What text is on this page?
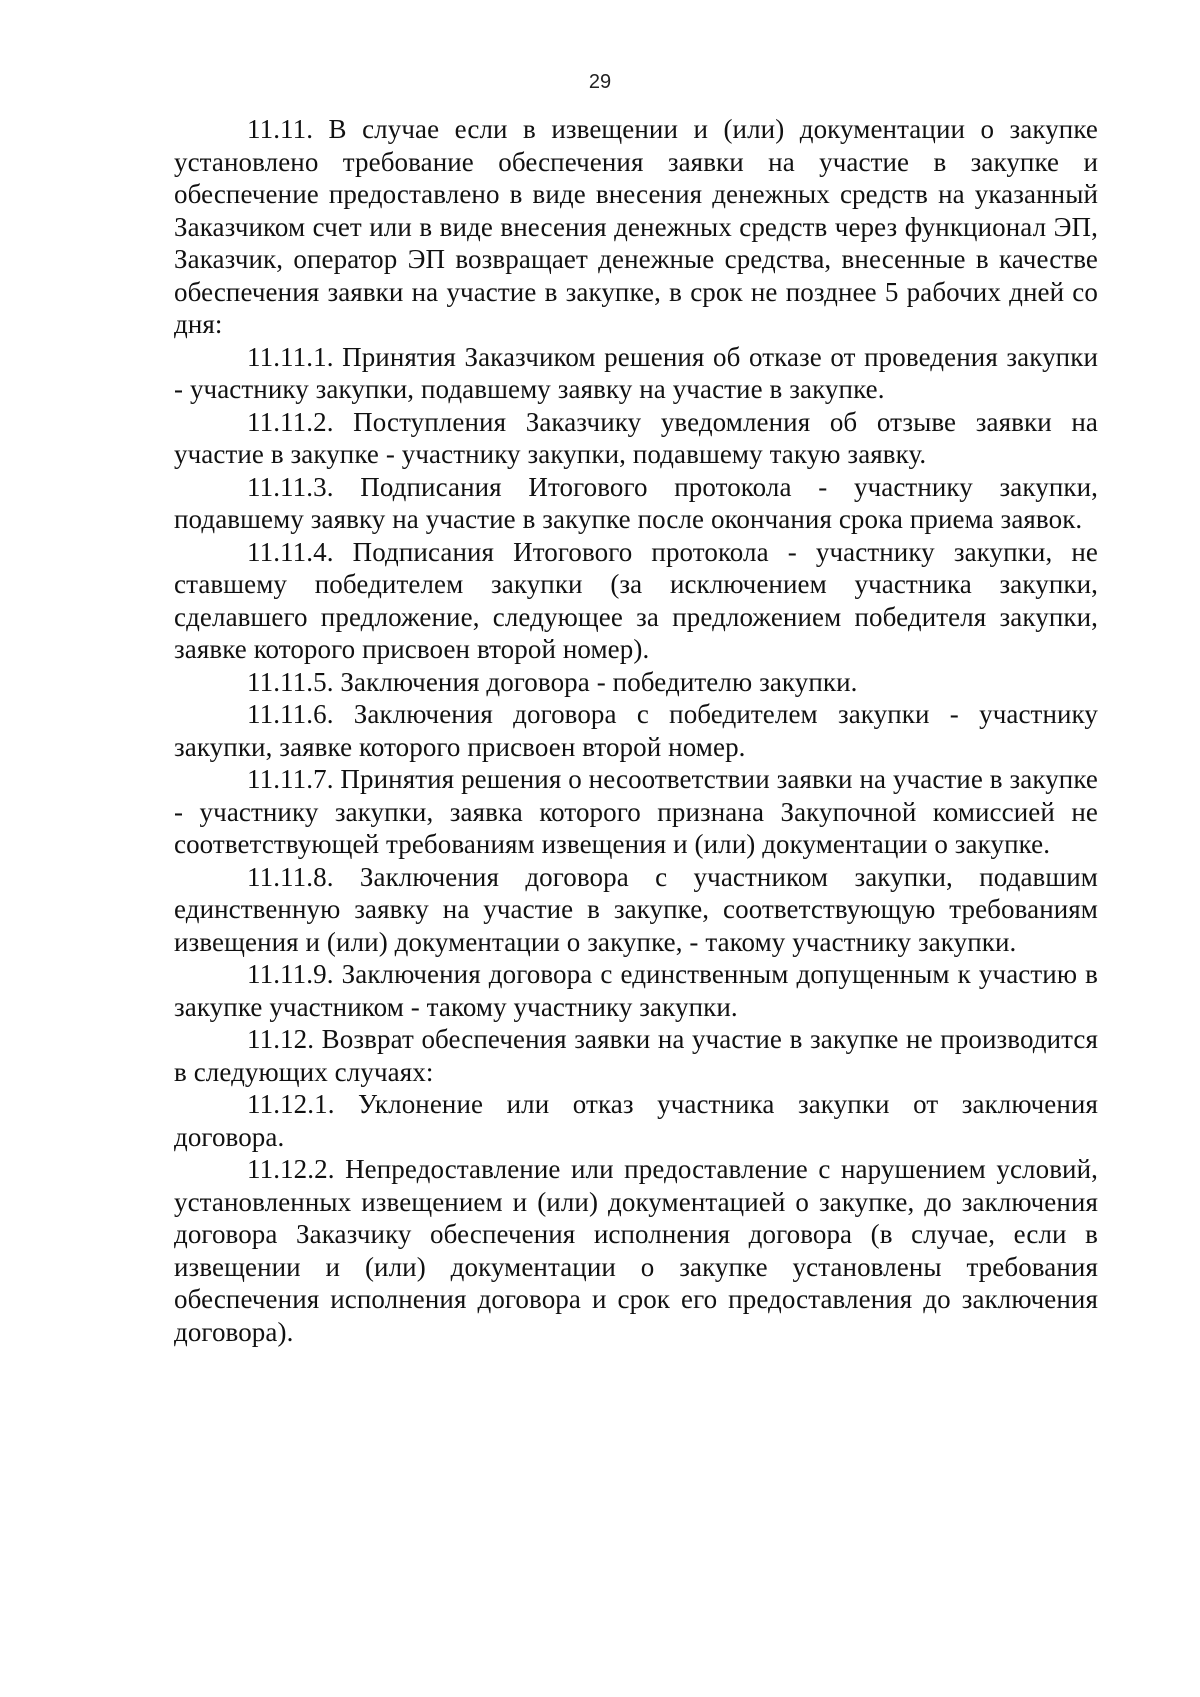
29

11.11. В случае если в извещении и (или) документации о закупке установлено требование обеспечения заявки на участие в закупке и обеспечение предоставлено в виде внесения денежных средств на указанный Заказчиком счет или в виде внесения денежных средств через функционал ЭП, Заказчик, оператор ЭП возвращает денежные средства, внесенные в качестве обеспечения заявки на участие в закупке, в срок не позднее 5 рабочих дней со дня:

11.11.1. Принятия Заказчиком решения об отказе от проведения закупки - участнику закупки, подавшему заявку на участие в закупке.

11.11.2. Поступления Заказчику уведомления об отзыве заявки на участие в закупке - участнику закупки, подавшему такую заявку.

11.11.3. Подписания Итогового протокола - участнику закупки, подавшему заявку на участие в закупке после окончания срока приема заявок.

11.11.4. Подписания Итогового протокола - участнику закупки, не ставшему победителем закупки (за исключением участника закупки, сделавшего предложение, следующее за предложением победителя закупки, заявке которого присвоен второй номер).

11.11.5. Заключения договора - победителю закупки.

11.11.6. Заключения договора с победителем закупки - участнику закупки, заявке которого присвоен второй номер.

11.11.7. Принятия решения о несоответствии заявки на участие в закупке - участнику закупки, заявка которого признана Закупочной комиссией не соответствующей требованиям извещения и (или) документации о закупке.

11.11.8. Заключения договора с участником закупки, подавшим единственную заявку на участие в закупке, соответствующую требованиям извещения и (или) документации о закупке, - такому участнику закупки.

11.11.9. Заключения договора с единственным допущенным к участию в закупке участником - такому участнику закупки.

11.12. Возврат обеспечения заявки на участие в закупке не производится в следующих случаях:

11.12.1. Уклонение или отказ участника закупки от заключения договора.

11.12.2. Непредоставление или предоставление с нарушением условий, установленных извещением и (или) документацией о закупке, до заключения договора Заказчику обеспечения исполнения договора (в случае, если в извещении и (или) документации о закупке установлены требования обеспечения исполнения договора и срок его предоставления до заключения договора).
